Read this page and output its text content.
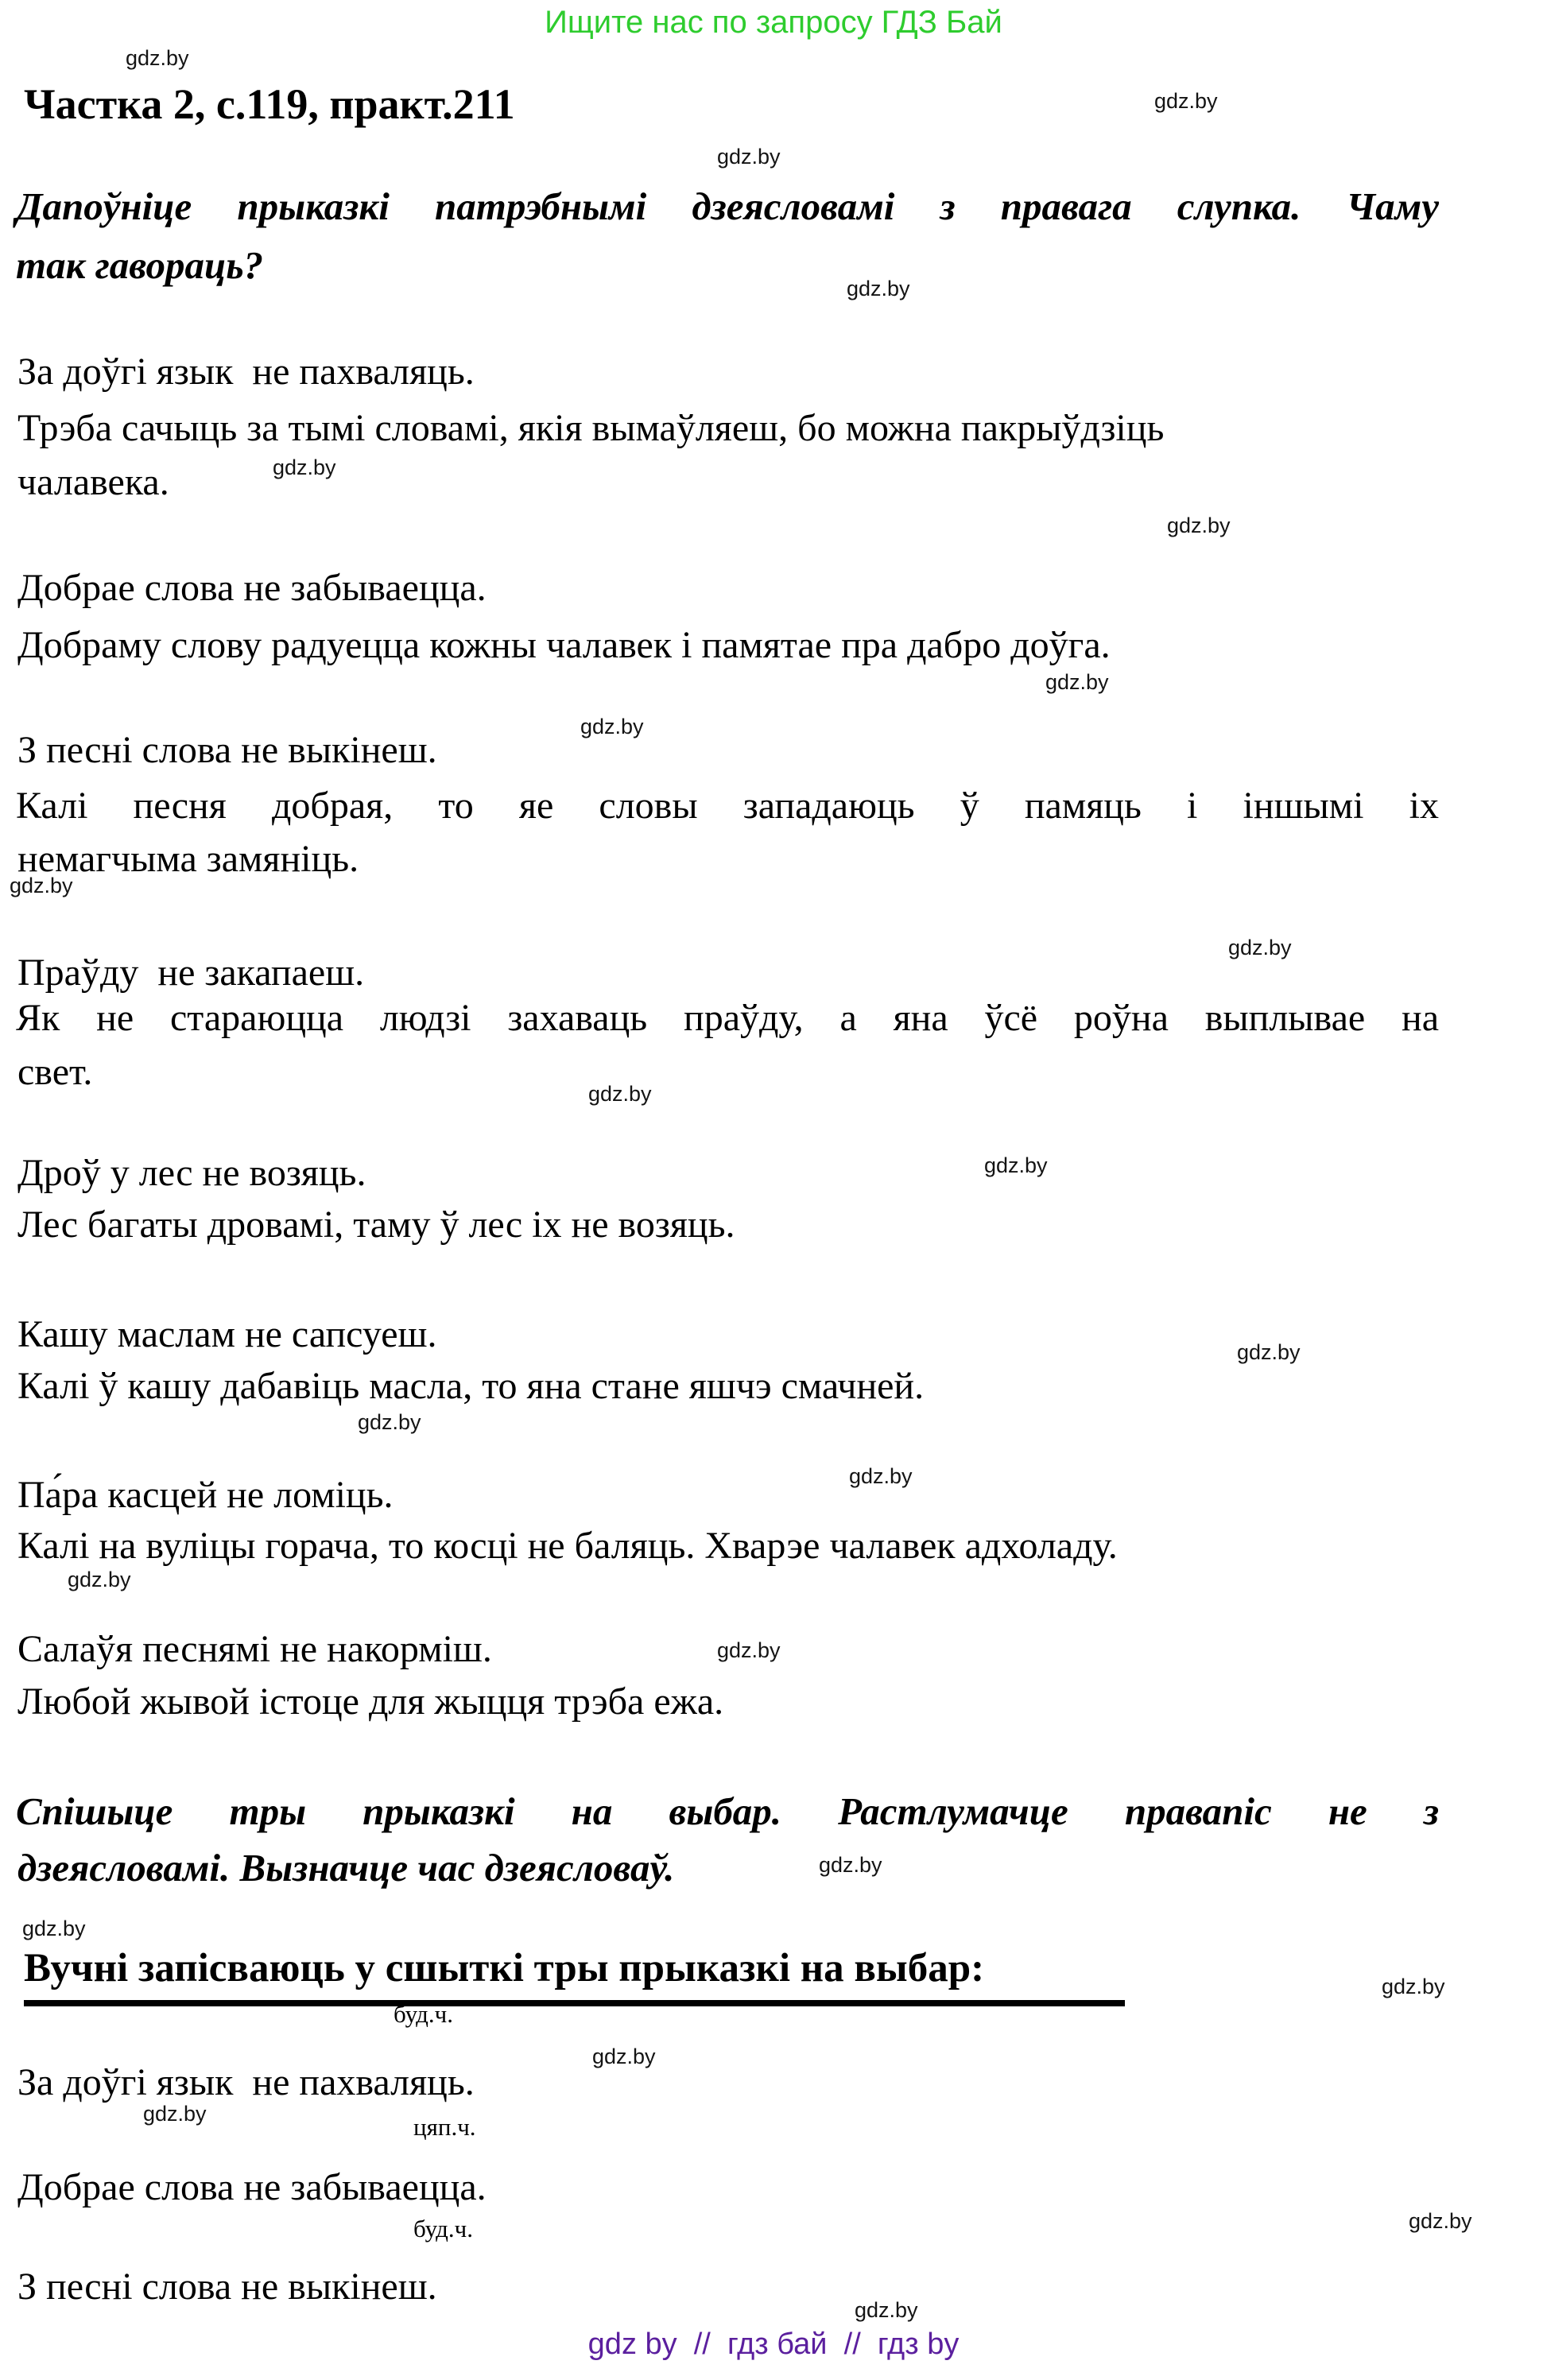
Ищите нас по запросу ГДЗ Бай
gdz.by
gdz.by
gdz.by
gdz.by
gdz.by
gdz.by
gdz.by
gdz.by
gdz.by
gdz.by
gdz.by
gdz.by
gdz.by
gdz.by
gdz.by
gdz.by
gdz.by
gdz.by
gdz.by
gdz.by
gdz.by
gdz.by
gdz.by
gdz.by
Частка 2, с.119, практ.211
Дапоўніце прыказкі патрэбнымі дзеясловамі з правага слупка. Чаму
так гавораць?
За доўгі язык  не пахваляць.
Трэба сачыць за тымі словамі, якія вымаўляеш, бо можна пакрыўдзіць
чалавека.
Добрае слова не забываецца.
Добраму слову радуецца кожны чалавек і памятае пра дабро доўга.
З песні слова не выкінеш.
Калі песня добрая, то яе словы западаюць ў памяць і іншымі іх
немагчыма замяніць.
Праўду  не закапаеш.
Як не стараюцца людзі захаваць праўду, а яна ўсё роўна выплывае на
свет.
Дроў у лес не возяць.
Лес багаты дровамі, таму ў лес іх не возяць.
Кашу маслам не сапсуеш.
Калі ў кашу дабавіць масла, то яна стане яшчэ смачней.
Па́ра касцей не ломіць.
Калі на вуліцы горача, то косці не баляць. Хварэе чалавек адхоладу.
Салаўя песнямі не накорміш.
Любой жывой істоце для жыцця трэба ежа.
Спішыце тры прыказкі на выбар. Растлумачце правапіс не з
дзеясловамі. Вызначце час дзеясловаў.
Вучні запісваюць у сшыткі тры прыказкі на выбар:
буд.ч.
За доўгі язык  не пахваляць.
цяп.ч.
Добрае слова не забываецца.
буд.ч.
З песні слова не выкінеш.
gdz by  //  гдз бай  //  гдз by
